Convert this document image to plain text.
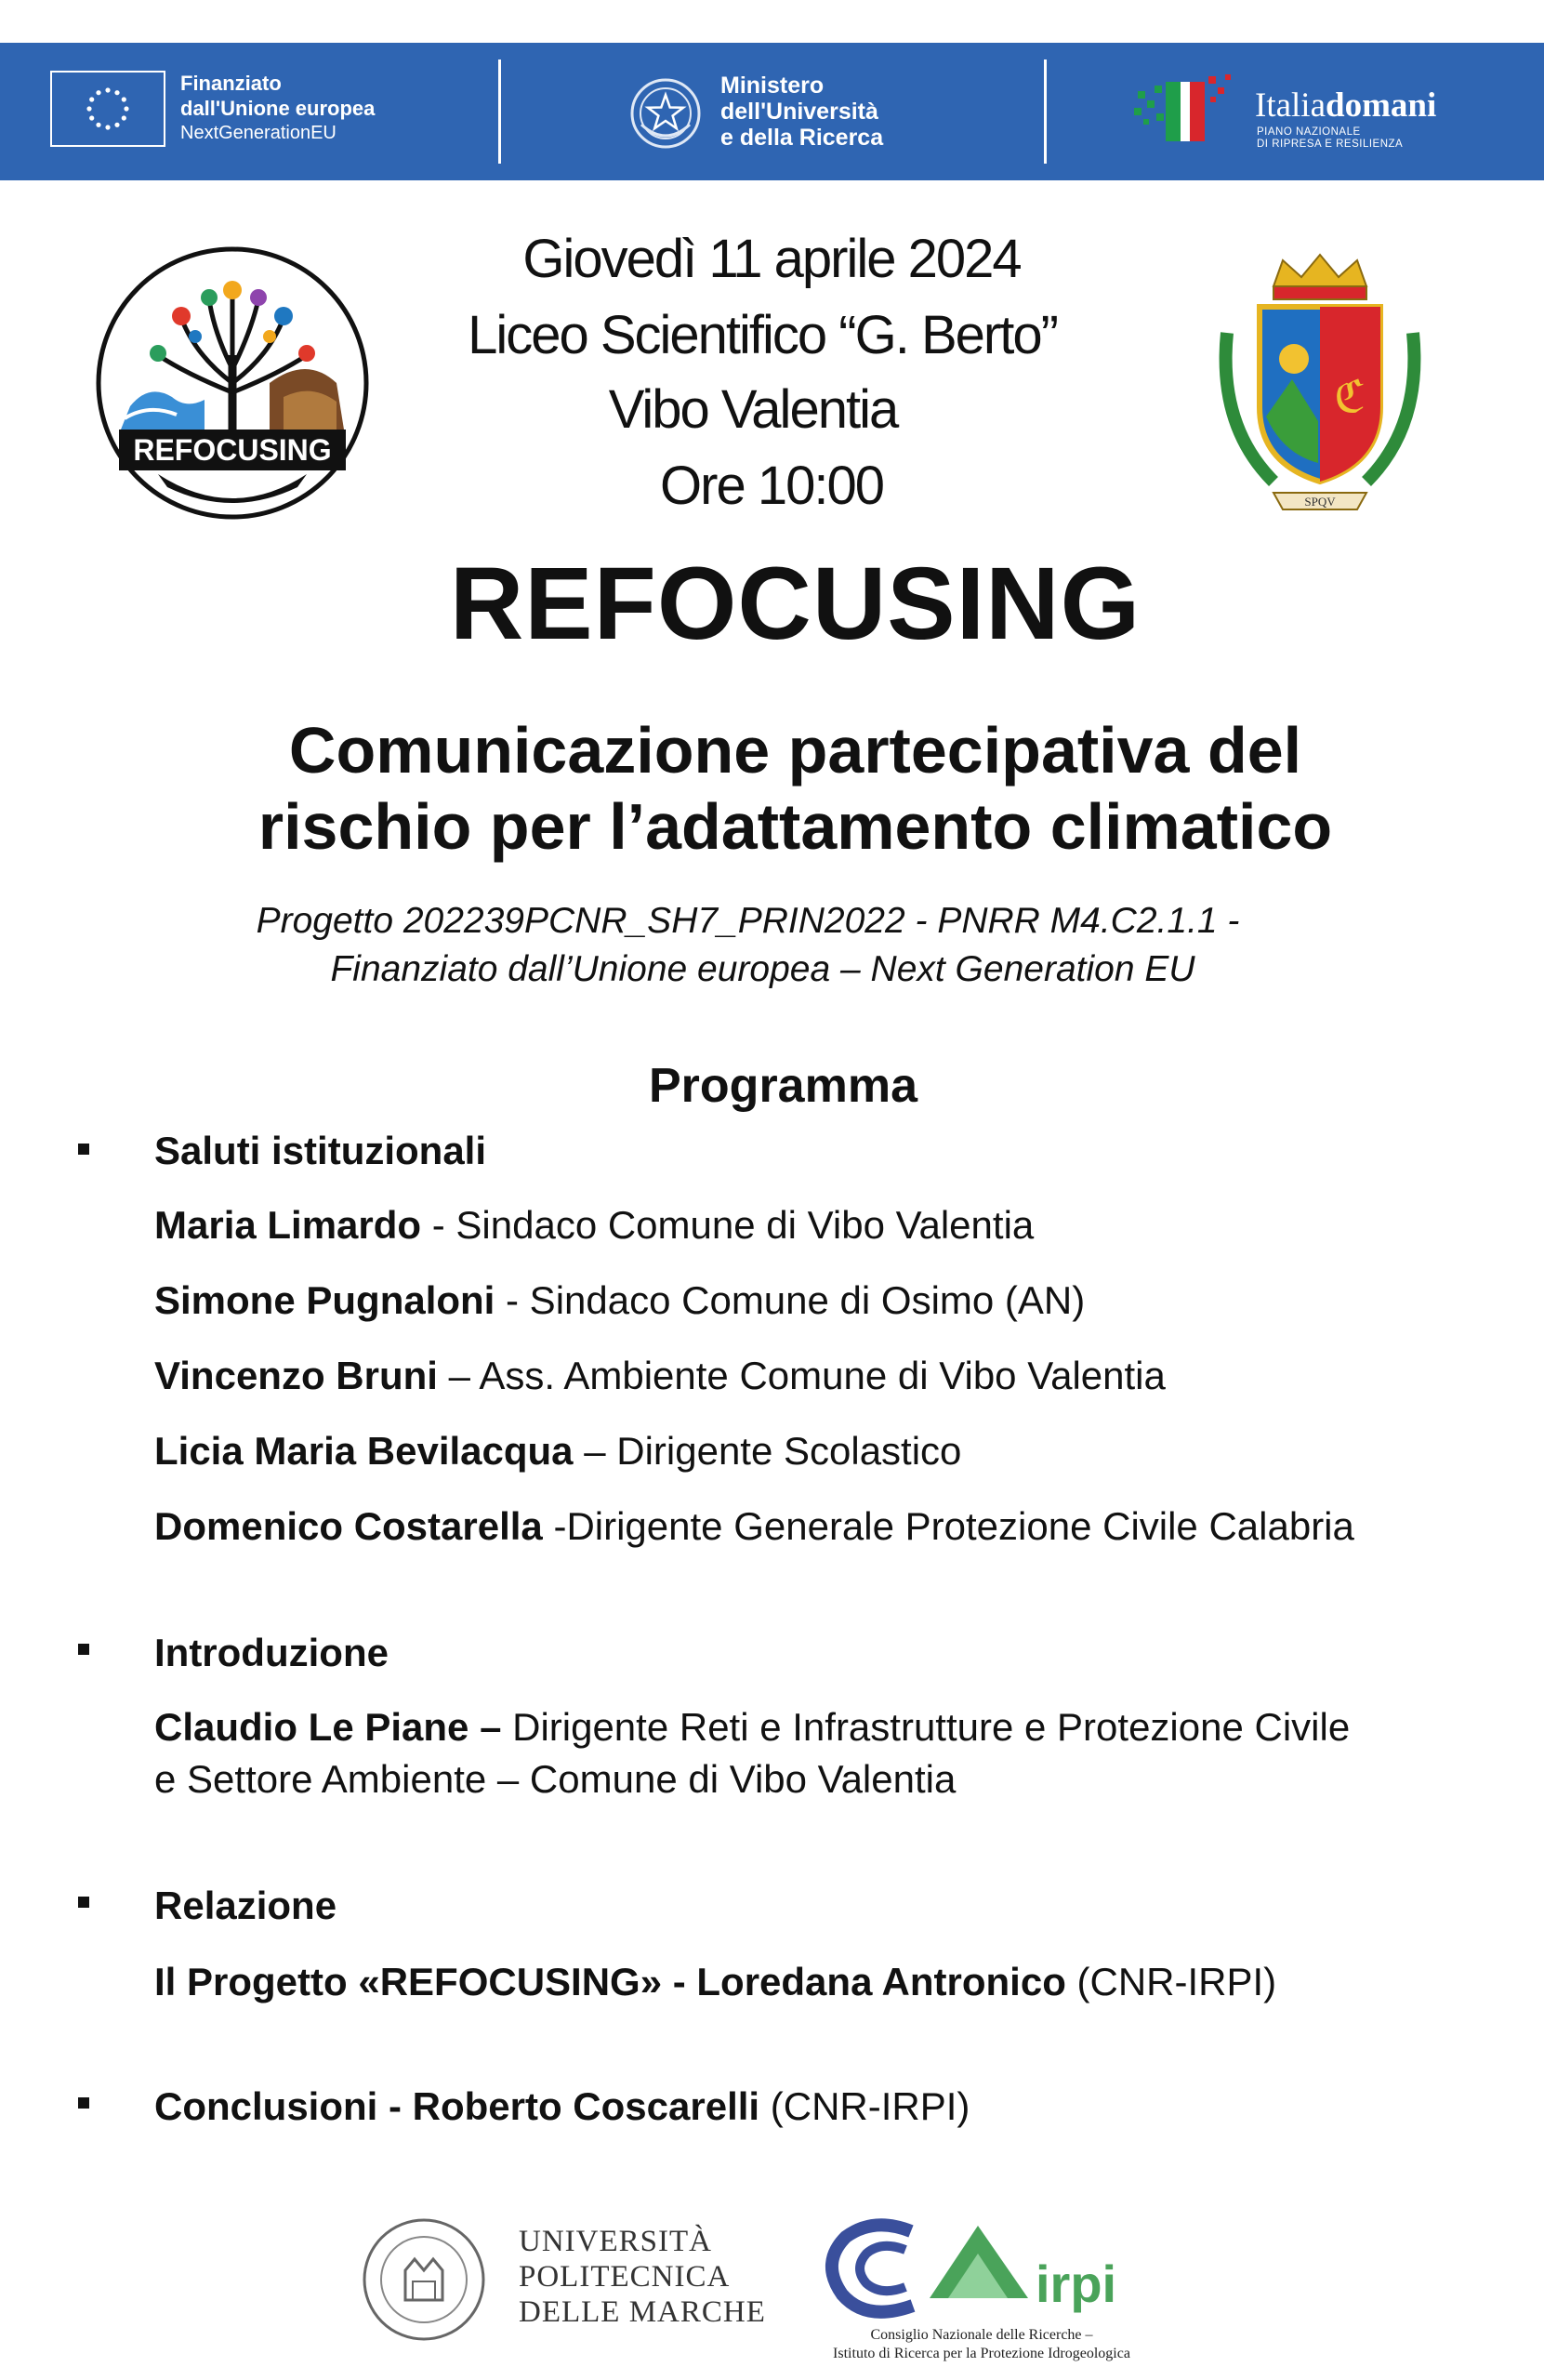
Finanziato
dall'Unione europea
NextGenerationEU
Ministero
dell'Università
e della Ricerca
Italiadomani
PIANO NAZIONALE
DI RIPRESA E RESILIENZA
REFOCUSING
ℭ
SPQV
Giovedì 11 aprile 2024
Liceo Scientifico “G. Berto”
Vibo Valentia
Ore 10:00
REFOCUSING
Comunicazione partecipativa del
rischio per l’adattamento climatico
Progetto 202239PCNR_SH7_PRIN2022 - PNRR M4.C2.1.1 -
Finanziato dall’Unione europea – Next Generation EU
Programma
Saluti istituzionali
Maria Limardo - Sindaco Comune di Vibo Valentia
Simone Pugnaloni - Sindaco Comune di Osimo (AN)
Vincenzo Bruni – Ass. Ambiente Comune di Vibo Valentia
Licia Maria Bevilacqua – Dirigente Scolastico
Domenico Costarella -Dirigente Generale Protezione Civile Calabria
Introduzione
Claudio Le Piane – Dirigente Reti e Infrastrutture e Protezione Civile
e Settore Ambiente – Comune di Vibo Valentia
Relazione
Il Progetto «REFOCUSING» - Loredana Antronico (CNR-IRPI)
Conclusioni - Roberto Coscarelli (CNR-IRPI)
UNIVERSITÀ
POLITECNICA
DELLE MARCHE	irpi
Consiglio Nazionale delle Ricerche –
Istituto di Ricerca per la Protezione Idrogeologica
